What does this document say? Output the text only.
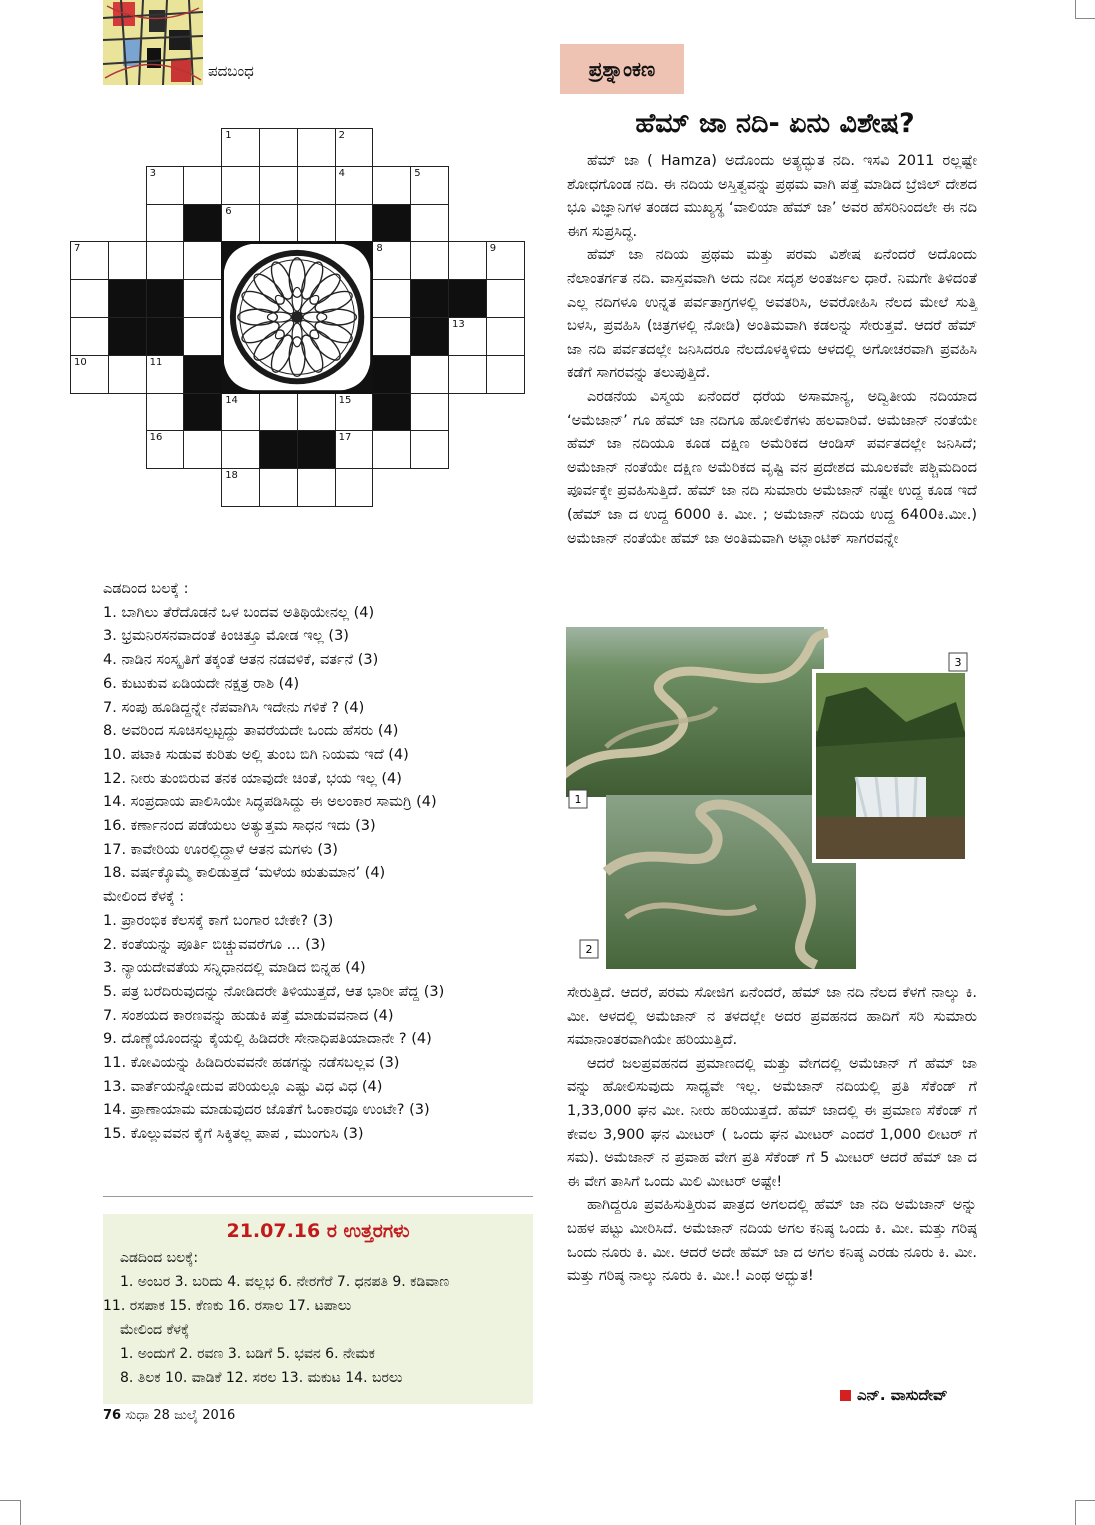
ಪದಬಂಧ

ಎಡದಿಂದ ಬಲಕ್ಕೆ :

1. ಬಾಗಿಲು ತೆರೆದೊಡನೆ ಒಳ ಬಂದವ ಅತಿಥಿಯೇನಲ್ಲ (4)

3. ಭ್ರಮನಿರಸನವಾದಂತೆ ಕಿಂಚಿತ್ತೂ ಮೋಡ ಇಲ್ಲ (3)

4. ನಾಡಿನ ಸಂಸ್ಕೃತಿಗೆ ತಕ್ಕಂತೆ ಆತನ ನಡವಳಿಕೆ, ವರ್ತನೆ (3)

6. ಕುಟುಕುವ ಏಡಿಯದೇ ನಕ್ಷತ್ರ ರಾಶಿ (4)

7. ಸಂಪು ಹೂಡಿದ್ದನ್ನೇ ನೆಪವಾಗಿಸಿ ಇದೇನು ಗಳಿಕೆ ? (4)

8. ಅವರಿಂದ ಸೂಚಿಸಲ್ಪಟ್ಟದ್ದು ತಾವರೆಯದೇ ಒಂದು ಹೆಸರು (4)

10. ಪಟಾಕಿ ಸುಡುವ ಕುರಿತು ಅಲ್ಲಿ ತುಂಬ ಬಿಗಿ ನಿಯಮ ಇದೆ (4)

12. ನೀರು ತುಂಬಿರುವ ತನಕ ಯಾವುದೇ ಚಿಂತೆ, ಭಯ ಇಲ್ಲ (4)

14. ಸಂಪ್ರದಾಯ ಪಾಲಿಸಿಯೇ ಸಿದ್ಧಪಡಿಸಿದ್ದು ಈ ಅಲಂಕಾರ ಸಾಮಗ್ರಿ (4)

16. ಕರ್ಣಾನಂದ ಪಡೆಯಲು ಅತ್ಯುತ್ತಮ ಸಾಧನ ಇದು (3)

17. ಕಾವೇರಿಯ ಊರಲ್ಲಿದ್ದಾಳೆ ಆತನ ಮಗಳು (3)

18. ವರ್ಷಕ್ಕೊಮ್ಮೆ ಕಾಲಿಡುತ್ತದೆ ‘ಮಳೆಯ ಋತುಮಾನ’ (4)

ಮೇಲಿಂದ ಕೆಳಕ್ಕೆ :

1. ಪ್ರಾರಂಭಿಕ ಕೆಲಸಕ್ಕೆ ಕಾಗೆ ಬಂಗಾರ ಬೇಕೇ? (3)

2. ಕಂತೆಯನ್ನು ಪೂರ್ತಿ ಬಿಚ್ಚುವವರೆಗೂ ... (3)

3. ನ್ಯಾಯದೇವತೆಯ ಸನ್ನಿಧಾನದಲ್ಲಿ ಮಾಡಿದ ಬಿನ್ನಹ (4)

5. ಪತ್ರ ಬರೆದಿರುವುದನ್ನು ನೋಡಿದರೇ ತಿಳಿಯುತ್ತದೆ, ಆತ ಭಾರೀ ಪೆದ್ದ (3)

7. ಸಂಶಯದ ಕಾರಣವನ್ನು ಹುಡುಕಿ ಪತ್ತೆ ಮಾಡುವವನಾದ (4)

9. ದೊಣ್ಣೆಯೊಂದನ್ನು ಕೈಯಲ್ಲಿ ಹಿಡಿದರೇ ಸೇನಾಧಿಪತಿಯಾದಾನೇ ? (4)

11. ಕೋವಿಯನ್ನು ಹಿಡಿದಿರುವವನೇ ಹಡಗನ್ನು ನಡೆಸಬಲ್ಲವ (3)

13. ವಾರ್ತೆಯನ್ನೋದುವ ಪರಿಯಲ್ಲೂ ಎಷ್ಟು ವಿಧ ವಿಧ (4)

14. ಪ್ರಾಣಾಯಾಮ ಮಾಡುವುದರ ಜೊತೆಗೆ ಓಂಕಾರವೂ ಉಂಟೇ? (3)

15. ಕೊಲ್ಲುವವನ ಕೈಗೆ ಸಿಕ್ಕಿತಲ್ಲ ಪಾಪ , ಮುಂಗುಸಿ (3)

21.07.16 ರ ಉತ್ತರಗಳು

ಎಡದಿಂದ ಬಲಕ್ಕೆ:

1. ಅಂಬರ 3. ಬರಿದು 4. ವಲ್ಲಭ 6. ನೇರಗೆರೆ 7. ಧನಪತಿ 9. ಕಡಿವಾಣ

11. ರಸಪಾಕ 15. ಕೆಣಕು 16. ರಸಾಲ 17. ಟಪಾಲು

ಮೇಲಿಂದ ಕೆಳಕ್ಕೆ

1. ಅಂದುಗೆ 2. ರವಣ 3. ಬಡಿಗೆ 5. ಭವನ 6. ನೇಮಕ

8. ತಿಲಕ 10. ವಾಡಿಕೆ 12. ಸರಲ 13. ಮಕುಟ 14. ಬರಲು

76 ಸುಧಾ 28 ಜುಲೈ 2016
ಪ್ರಶ್ನಾಂಕಣ
ಹೆಮ್ ಜಾ ನದಿ- ಏನು ವಿಶೇಷ?

ಹೆಮ್ ಜಾ ( Hamza) ಅದೊಂದು ಅತ್ಯದ್ಭುತ ನದಿ. ಇಸವಿ 2011 ರಲ್ಲಷ್ಟೇ ಶೋಧಗೊಂಡ ನದಿ. ಈ ನದಿಯ ಅಸ್ತಿತ್ವವನ್ನು ಪ್ರಥಮ ವಾಗಿ ಪತ್ತೆ ಮಾಡಿದ ಬ್ರೆಜಿಲ್ ದೇಶದ ಭೂ ವಿಜ್ಞಾನಿಗಳ ತಂಡದ ಮುಖ್ಯಸ್ಥ ‘ವಾಲಿಯಾ ಹೆಮ್ ಜಾ’ ಅವರ ಹೆಸರಿನಿಂದಲೇ ಈ ನದಿ ಈಗ ಸುಪ್ರಸಿದ್ಧ.

ಹೆಮ್ ಜಾ ನದಿಯ ಪ್ರಥಮ ಮತ್ತು ಪರಮ ವಿಶೇಷ ಏನೆಂದರೆ ಅದೊಂದು ನೆಲಾಂತರ್ಗತ ನದಿ. ವಾಸ್ತವವಾಗಿ ಅದು ನದೀ ಸದೃಶ ಅಂತರ್ಜಲ ಧಾರೆ. ನಿಮಗೇ ತಿಳಿದಂತೆ ಎಲ್ಲ ನದಿಗಳೂ ಉನ್ನತ ಪರ್ವತಾಗ್ರಗಳಲ್ಲಿ ಅವತರಿಸಿ, ಅವರೋಹಿಸಿ ನೆಲದ ಮೇಲೆ ಸುತ್ತಿ ಬಳಸಿ, ಪ್ರವಹಿಸಿ (ಚಿತ್ರಗಳಲ್ಲಿ ನೋಡಿ) ಅಂತಿಮವಾಗಿ ಕಡಲನ್ನು ಸೇರುತ್ತವೆ. ಆದರೆ ಹೆಮ್ ಜಾ ನದಿ ಪರ್ವತದಲ್ಲೇ ಜನಿಸಿದರೂ ನೆಲದೊಳಕ್ಕಿಳಿದು ಆಳದಲ್ಲಿ ಅಗೋಚರವಾಗಿ ಪ್ರವಹಿಸಿ ಕಡೆಗೆ ಸಾಗರವನ್ನು ತಲುಪುತ್ತಿದೆ.

ಎರಡನೆಯ ವಿಸ್ಮಯ ಏನೆಂದರೆ ಧರೆಯ ಅಸಾಮಾನ್ಯ, ಅದ್ವಿತೀಯ ನದಿಯಾದ ‘ಅಮೆಜಾನ್’ ಗೂ ಹೆಮ್ ಜಾ ನದಿಗೂ ಹೋಲಿಕೆಗಳು ಹಲವಾರಿವೆ. ಅಮೆಜಾನ್ ನಂತೆಯೇ ಹೆಮ್ ಜಾ ನದಿಯೂ ಕೂಡ ದಕ್ಷಿಣ ಅಮೆರಿಕದ ಆಂಡಿಸ್ ಪರ್ವತದಲ್ಲೇ ಜನಿಸಿದೆ; ಅಮೆಜಾನ್ ನಂತೆಯೇ ದಕ್ಷಿಣ ಅಮೆರಿಕದ ವೃಷ್ಟಿ ವನ ಪ್ರದೇಶದ ಮೂಲಕವೇ ಪಶ್ಚಿಮದಿಂದ ಪೂರ್ವಕ್ಕೇ ಪ್ರವಹಿಸುತ್ತಿದೆ. ಹೆಮ್ ಜಾ ನದಿ ಸುಮಾರು ಅಮೆಜಾನ್ ನಷ್ಟೇ ಉದ್ದ ಕೂಡ ಇದೆ (ಹೆಮ್ ಜಾ ದ ಉದ್ದ 6000 ಕಿ. ಮೀ. ; ಅಮೆಜಾನ್ ನದಿಯ ಉದ್ದ 6400ಕಿ.ಮೀ.) ಅಮೆಜಾನ್ ನಂತೆಯೇ ಹೆಮ್ ಜಾ ಅಂತಿಮವಾಗಿ ಅಟ್ಲಾಂಟಿಕ್ ಸಾಗರವನ್ನೇ

1
2
3

ಸೇರುತ್ತಿದೆ. ಆದರೆ, ಪರಮ ಸೋಜಿಗ ಏನೆಂದರೆ, ಹೆಮ್ ಜಾ ನದಿ ನೆಲದ ಕೆಳಗೆ ನಾಲ್ಕು ಕಿ. ಮೀ. ಆಳದಲ್ಲಿ ಅಮೆಜಾನ್ ನ ತಳದಲ್ಲೇ ಅದರ ಪ್ರವಹನದ ಹಾದಿಗೆ ಸರಿ ಸುಮಾರು ಸಮಾನಾಂತರವಾಗಿಯೇ ಹರಿಯುತ್ತಿದೆ.

ಆದರೆ ಜಲಪ್ರವಹನದ ಪ್ರಮಾಣದಲ್ಲಿ ಮತ್ತು ವೇಗದಲ್ಲಿ ಅಮೆಜಾನ್ ಗೆ ಹೆಮ್ ಜಾ ವನ್ನು ಹೋಲಿಸುವುದು ಸಾಧ್ಯವೇ ಇಲ್ಲ. ಅಮೆಜಾನ್ ನದಿಯಲ್ಲಿ ಪ್ರತಿ ಸೆಕೆಂಡ್ ಗೆ 1,33,000 ಘನ ಮೀ. ನೀರು ಹರಿಯುತ್ತದೆ. ಹೆಮ್ ಜಾದಲ್ಲಿ ಈ ಪ್ರಮಾಣ ಸೆಕೆಂಡ್ ಗೆ ಕೇವಲ 3,900 ಘನ ಮೀಟರ್ ( ಒಂದು ಘನ ಮೀಟರ್ ಎಂದರೆ 1,000 ಲೀಟರ್ ಗೆ ಸಮ). ಅಮೆಜಾನ್ ನ ಪ್ರವಾಹ ವೇಗ ಪ್ರತಿ ಸೆಕೆಂಡ್ ಗೆ 5 ಮೀಟರ್ ಆದರೆ ಹೆಮ್ ಜಾ ದ ಈ ವೇಗ ತಾಸಿಗೆ ಒಂದು ಮಿಲಿ ಮೀಟರ್ ಅಷ್ಟೇ!

ಹಾಗಿದ್ದರೂ ಪ್ರವಹಿಸುತ್ತಿರುವ ಪಾತ್ರದ ಅಗಲದಲ್ಲಿ ಹೆಮ್ ಜಾ ನದಿ ಅಮೆಜಾನ್ ಅನ್ನು ಬಹಳ ಪಟ್ಟು ಮೀರಿಸಿದೆ. ಅಮೆಜಾನ್ ನದಿಯ ಅಗಲ ಕನಿಷ್ಠ ಒಂದು ಕಿ. ಮೀ. ಮತ್ತು ಗರಿಷ್ಠ ಒಂದು ನೂರು ಕಿ. ಮೀ. ಆದರೆ ಅದೇ ಹೆಮ್ ಜಾ ದ ಅಗಲ ಕನಿಷ್ಠ ಎರಡು ನೂರು ಕಿ. ಮೀ. ಮತ್ತು ಗರಿಷ್ಠ ನಾಲ್ಕು ನೂರು ಕಿ. ಮೀ.! ಎಂಥ ಅದ್ಭುತ!

ಎನ್. ವಾಸುದೇವ್
1	2
3	4	5
6
7	8	9
13
10	11
14	15
16	17
18
